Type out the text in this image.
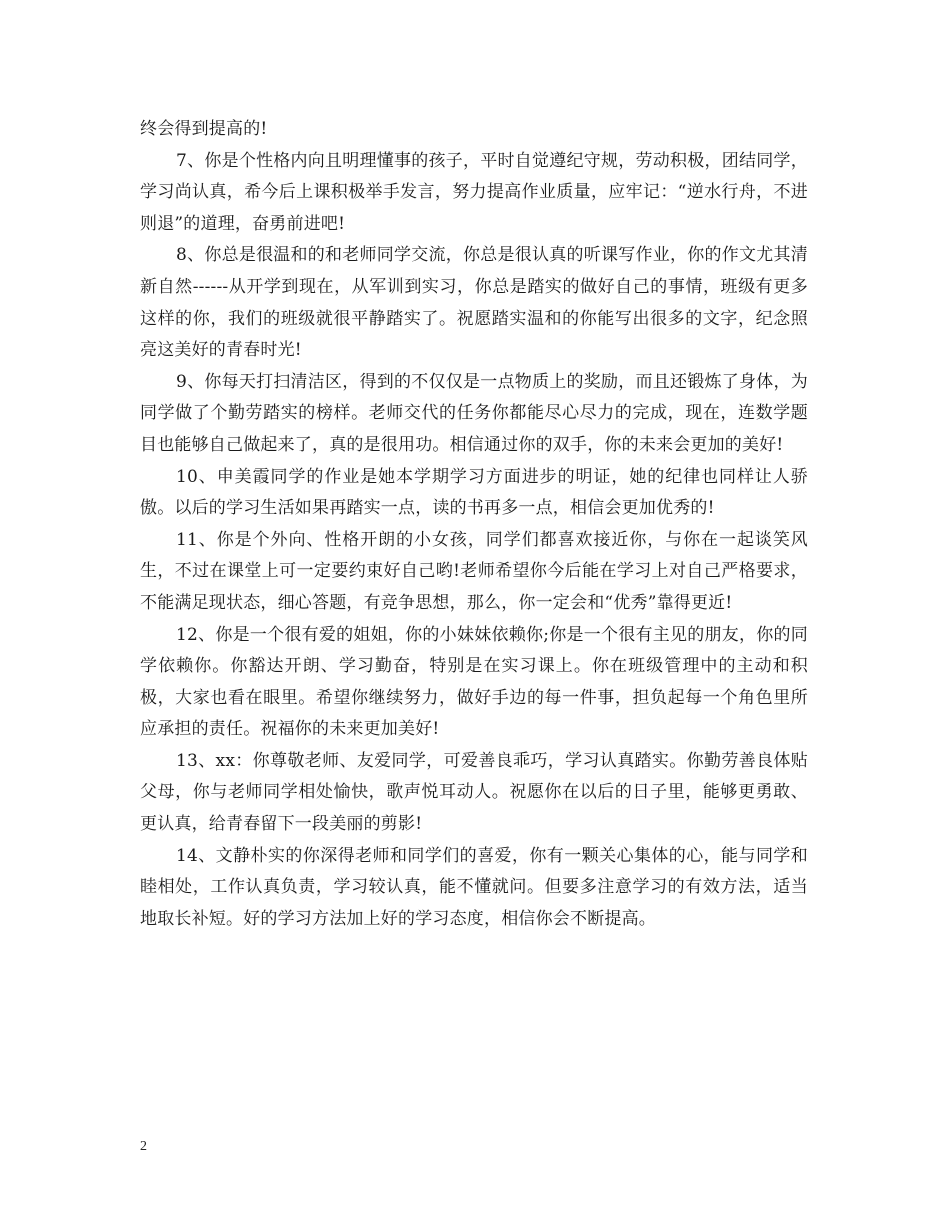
终会得到提高的!

7、你是个性格内向且明理懂事的孩子，平时自觉遵纪守规，劳动积极，团结同学，学习尚认真，希今后上课积极举手发言，努力提高作业质量，应牢记：“逆水行舟，不进则退”的道理，奋勇前进吧!

8、你总是很温和的和老师同学交流，你总是很认真的听课写作业，你的作文尤其清新自然------从开学到现在，从军训到实习，你总是踏实的做好自己的事情，班级有更多这样的你，我们的班级就很平静踏实了。祝愿踏实温和的你能写出很多的文字，纪念照亮这美好的青春时光!

9、你每天打扫清洁区，得到的不仅仅是一点物质上的奖励，而且还锻炼了身体，为同学做了个勤劳踏实的榜样。老师交代的任务你都能尽心尽力的完成，现在，连数学题目也能够自己做起来了，真的是很用功。相信通过你的双手，你的未来会更加的美好!

10、申美霞同学的作业是她本学期学习方面进步的明证，她的纪律也同样让人骄傲。以后的学习生活如果再踏实一点，读的书再多一点，相信会更加优秀的!

11、你是个外向、性格开朗的小女孩，同学们都喜欢接近你，与你在一起谈笑风生，不过在课堂上可一定要约束好自己哟!老师希望你今后能在学习上对自己严格要求，不能满足现状态，细心答题，有竞争思想，那么，你一定会和“优秀”靠得更近!

12、你是一个很有爱的姐姐，你的小妹妹依赖你;你是一个很有主见的朋友，你的同学依赖你。你豁达开朗、学习勤奋，特别是在实习课上。你在班级管理中的主动和积极，大家也看在眼里。希望你继续努力，做好手边的每一件事，担负起每一个角色里所应承担的责任。祝福你的未来更加美好!

13、xx：你尊敬老师、友爱同学，可爱善良乖巧，学习认真踏实。你勤劳善良体贴父母，你与老师同学相处愉快，歌声悦耳动人。祝愿你在以后的日子里，能够更勇敢、更认真，给青春留下一段美丽的剪影!

14、文静朴实的你深得老师和同学们的喜爱，你有一颗关心集体的心，能与同学和睦相处，工作认真负责，学习较认真，能不懂就问。但要多注意学习的有效方法，适当地取长补短。好的学习方法加上好的学习态度，相信你会不断提高。

2
